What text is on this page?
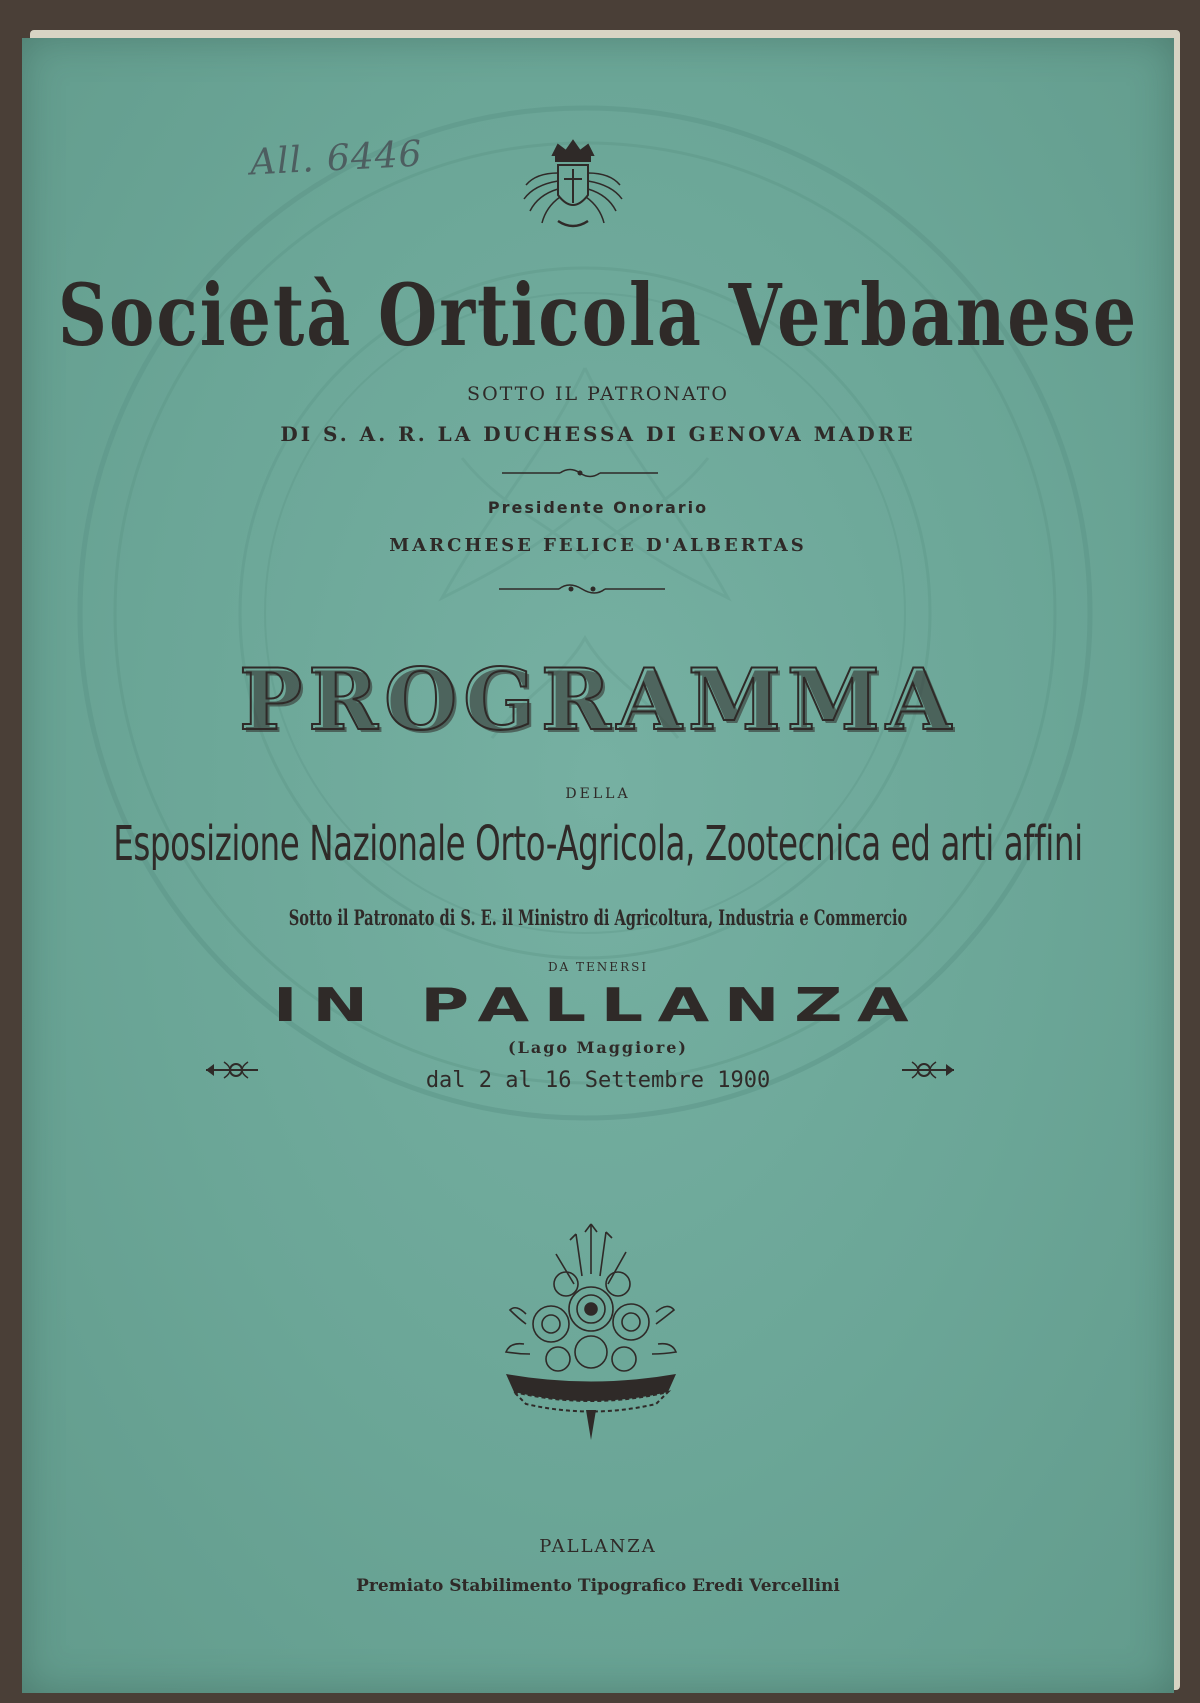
All. 6446
Società Orticola Verbanese
SOTTO IL PATRONATO
DI S. A. R. LA DUCHESSA DI GENOVA MADRE
Presidente Onorario
MARCHESE FELICE D'ALBERTAS
PROGRAMMA
DELLA
Esposizione Nazionale Orto-Agricola, Zootecnica ed arti affini
Sotto il Patronato di S. E. il Ministro di Agricoltura, Industria e Commercio
DA TENERSI
IN PALLANZA
(Lago Maggiore)
dal 2 al 16 Settembre 1900
PALLANZA
Premiato Stabilimento Tipografico Eredi Vercellini
